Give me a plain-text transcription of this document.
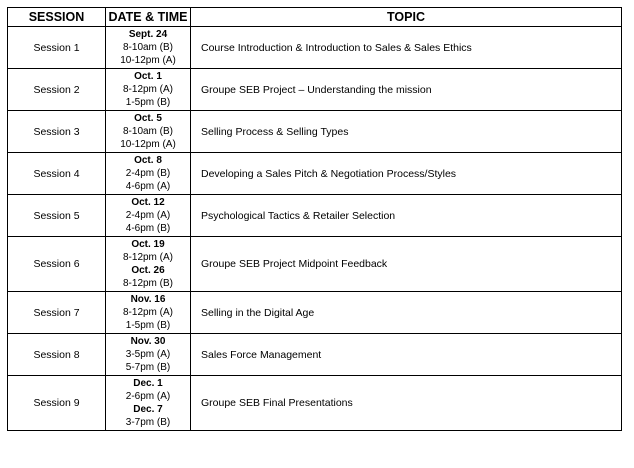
SESSION	DATE & TIME	TOPIC
Session 1	Sept. 24
8-10am (B)
10-12pm (A)	Course Introduction & Introduction to Sales & Sales Ethics
Session 2	Oct. 1
8-12pm (A)
1-5pm (B)	Groupe SEB Project – Understanding the mission
Session 3	Oct. 5
8-10am (B)
10-12pm (A)	Selling Process & Selling Types
Session 4	Oct. 8
2-4pm (B)
4-6pm (A)	Developing a Sales Pitch & Negotiation Process/Styles
Session 5	Oct. 12
2-4pm (A)
4-6pm (B)	Psychological Tactics & Retailer Selection
Session 6	Oct. 19
8-12pm (A)
Oct. 26
8-12pm (B)	Groupe SEB Project Midpoint Feedback
Session 7	Nov. 16
8-12pm (A)
1-5pm (B)	Selling in the Digital Age
Session 8	Nov. 30
3-5pm (A)
5-7pm (B)	Sales Force Management
Session 9	Dec. 1
2-6pm (A)
Dec. 7
3-7pm (B)	Groupe SEB Final Presentations
